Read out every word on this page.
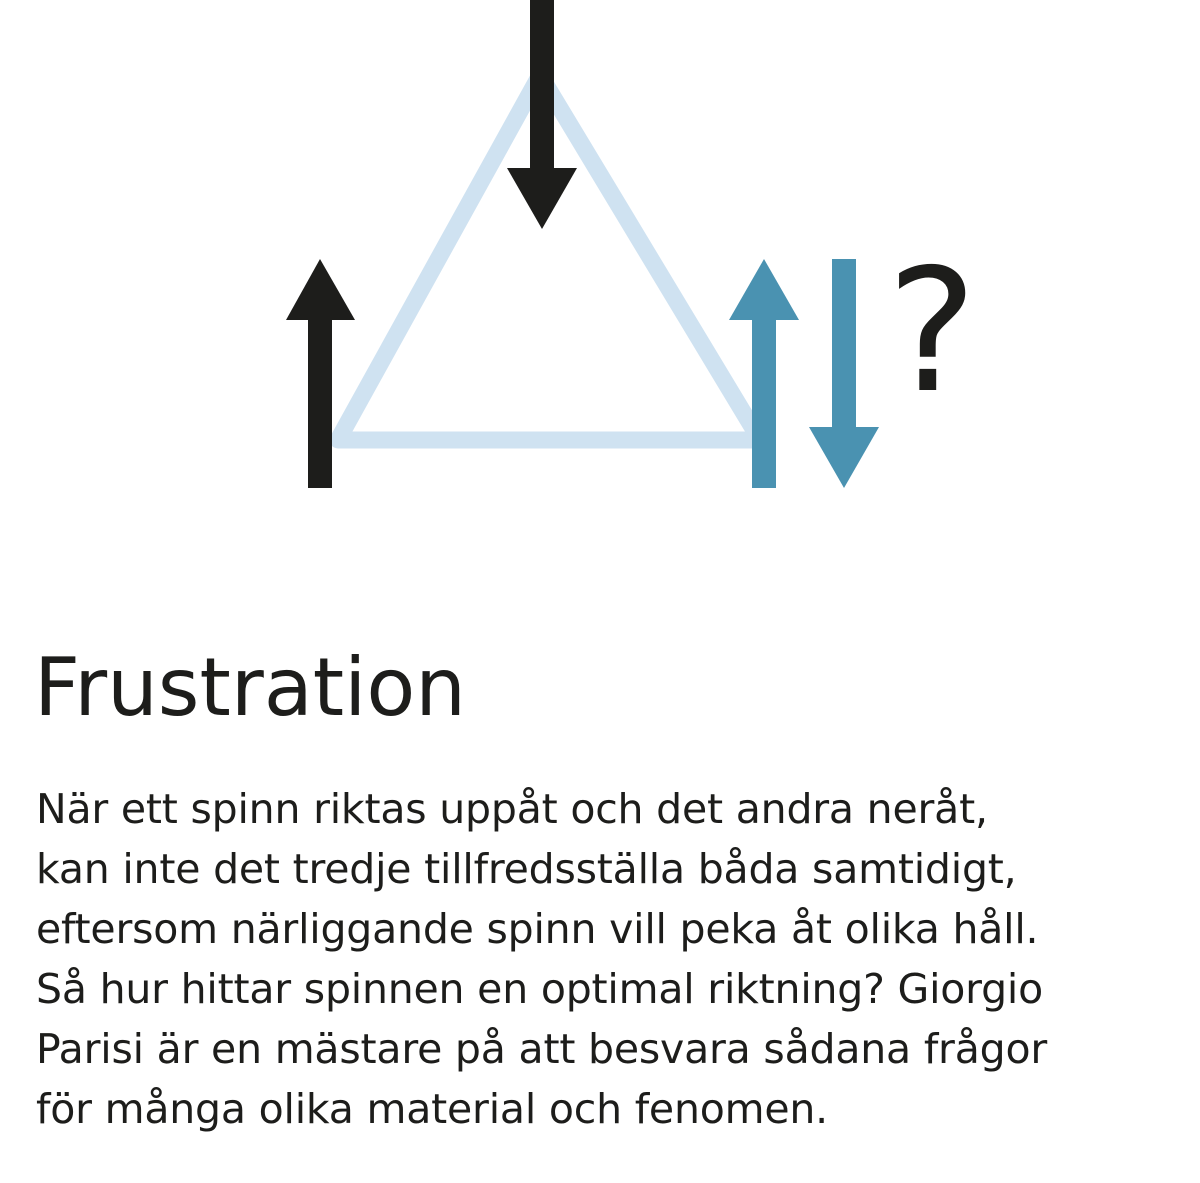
?
Frustration
När ett spinn riktas uppåt och det andra neråt,
kan inte det tredje tillfredsställa båda samtidigt,
eftersom närliggande spinn vill peka åt olika håll.
Så hur hittar spinnen en optimal riktning? Giorgio
Parisi är en mästare på att besvara sådana frågor
för många olika material och fenomen.
